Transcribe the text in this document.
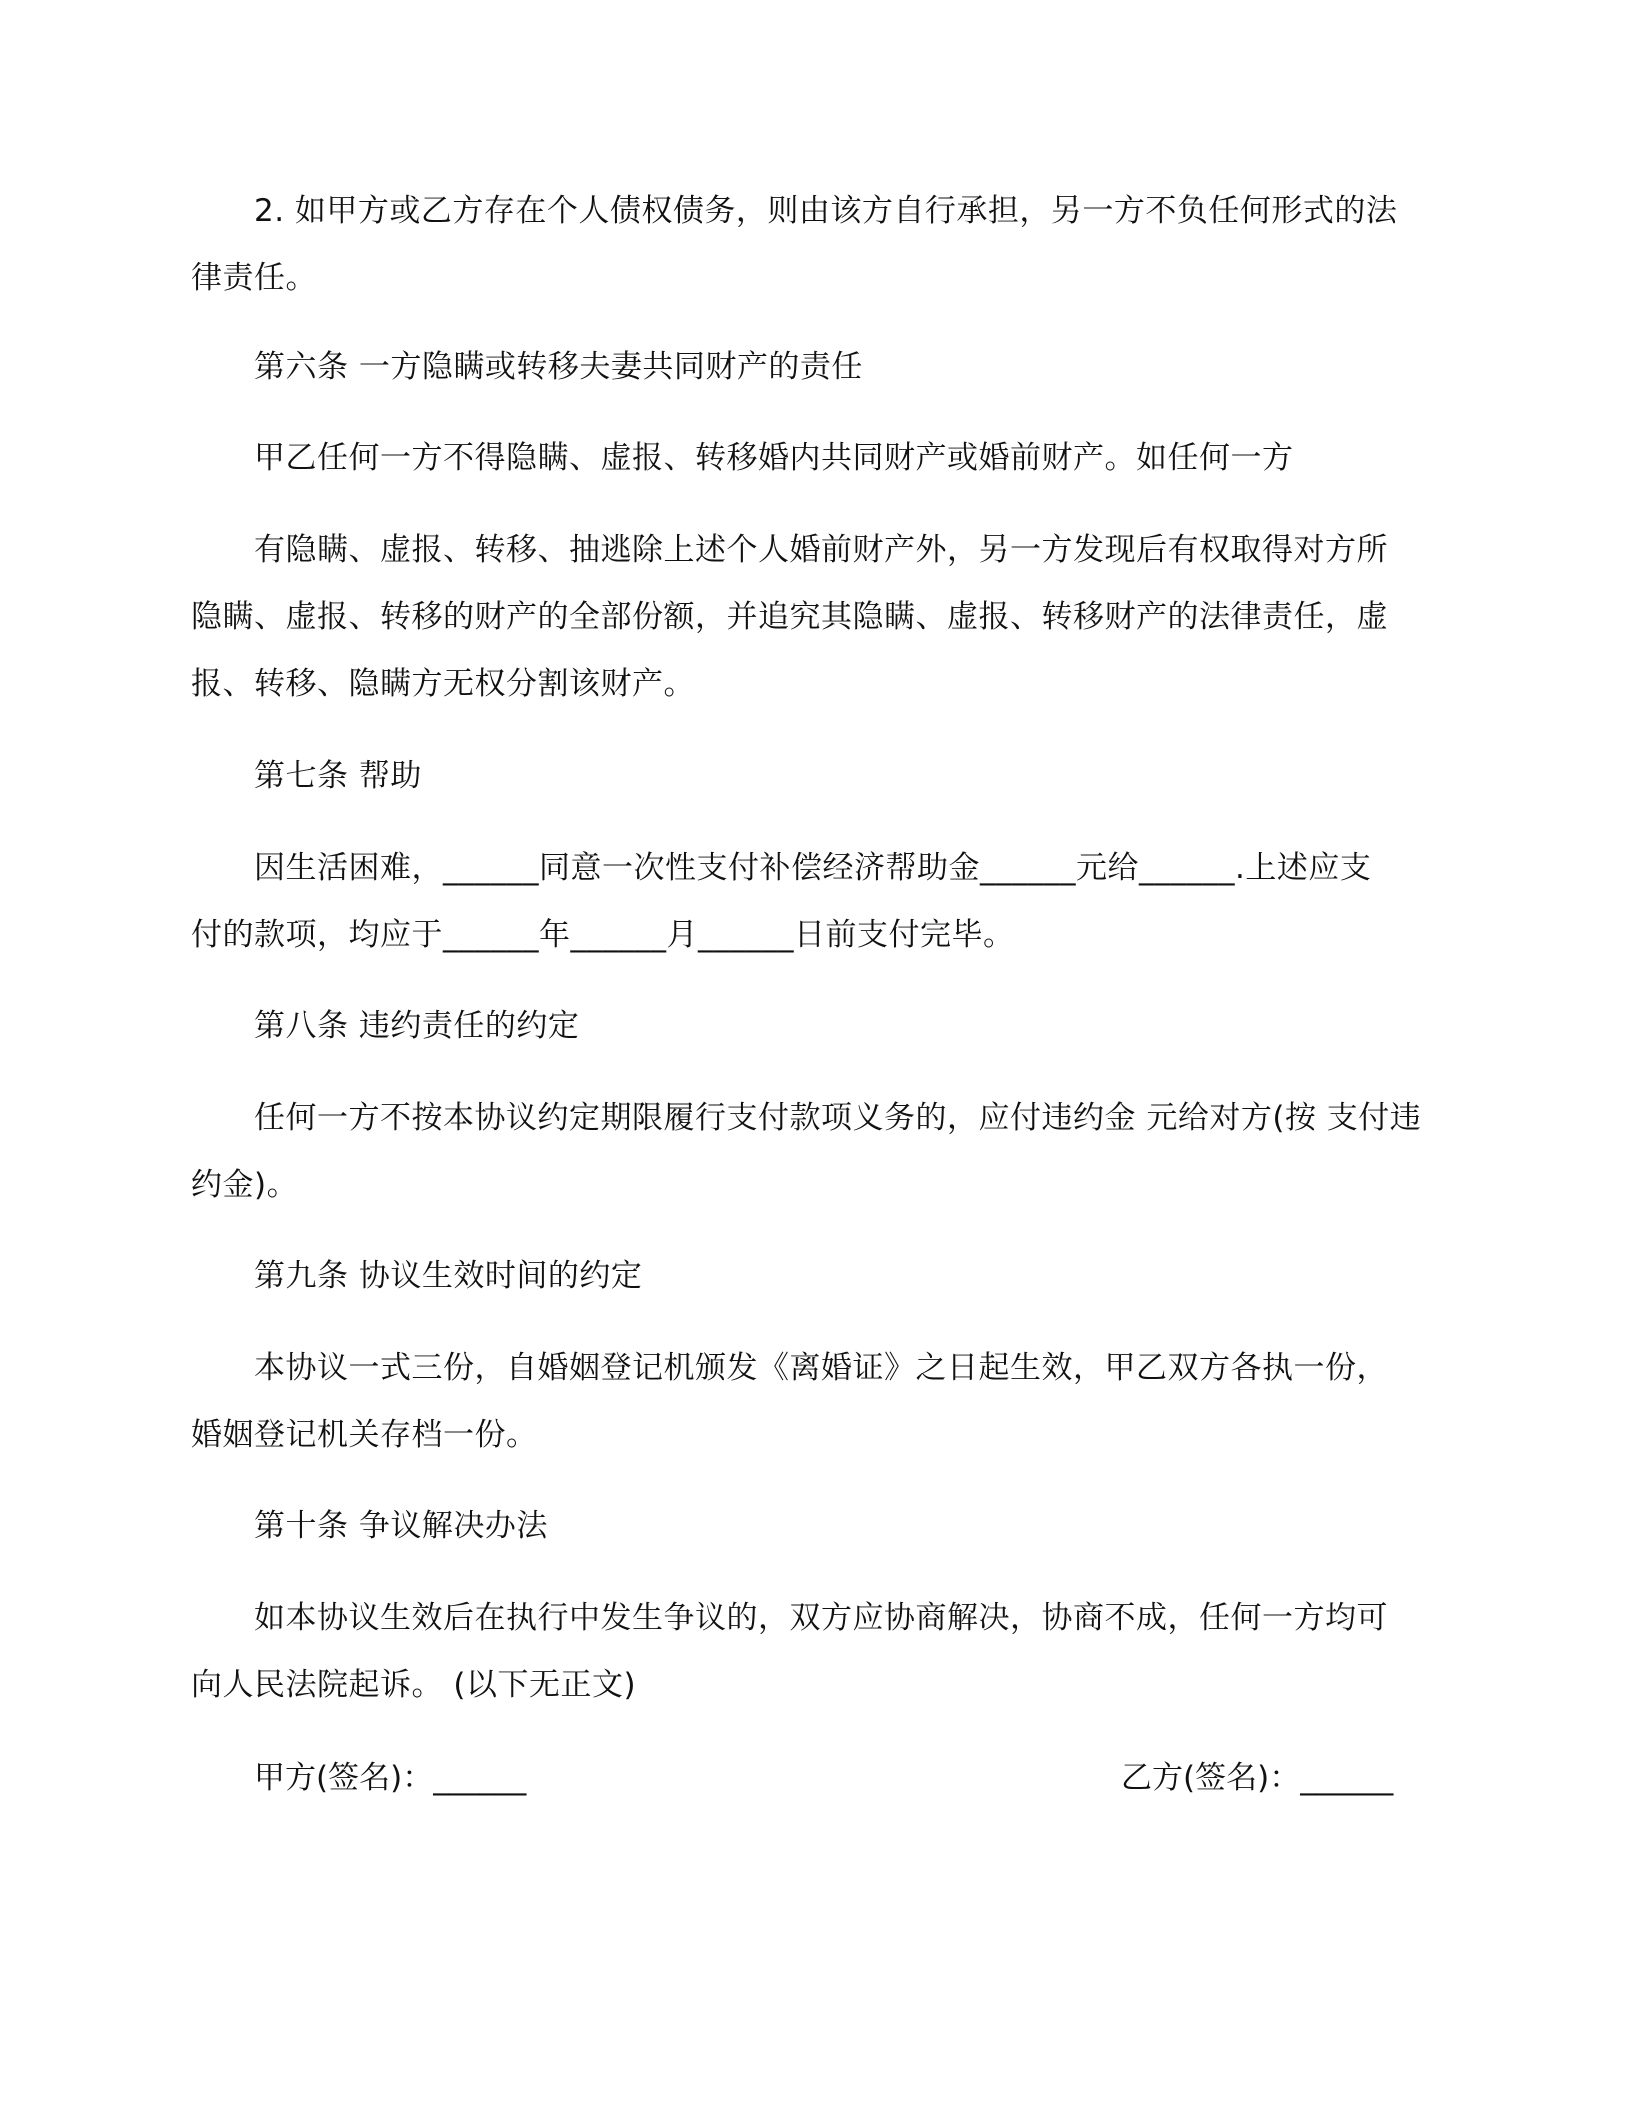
2. 如甲方或乙方存在个人债权债务，则由该方自行承担，另一方不负任何形式的法
律责任。
第六条 一方隐瞒或转移夫妻共同财产的责任
甲乙任何一方不得隐瞒、虚报、转移婚内共同财产或婚前财产。如任何一方
有隐瞒、虚报、转移、抽逃除上述个人婚前财产外，另一方发现后有权取得对方所
隐瞒、虚报、转移的财产的全部份额，并追究其隐瞒、虚报、转移财产的法律责任，虚
报、转移、隐瞒方无权分割该财产。
第七条 帮助
因生活困难，______同意一次性支付补偿经济帮助金______元给______.上述应支
付的款项，均应于______年______月______日前支付完毕。
第八条 违约责任的约定
任何一方不按本协议约定期限履行支付款项义务的，应付违约金 元给对方(按 支付违
约金)。
第九条 协议生效时间的约定
本协议一式三份，自婚姻登记机颁发《离婚证》之日起生效，甲乙双方各执一份，
婚姻登记机关存档一份。
第十条 争议解决办法
如本协议生效后在执行中发生争议的，双方应协商解决，协商不成，任何一方均可
向人民法院起诉。 (以下无正文)
甲方(签名)：______	乙方(签名)：______
